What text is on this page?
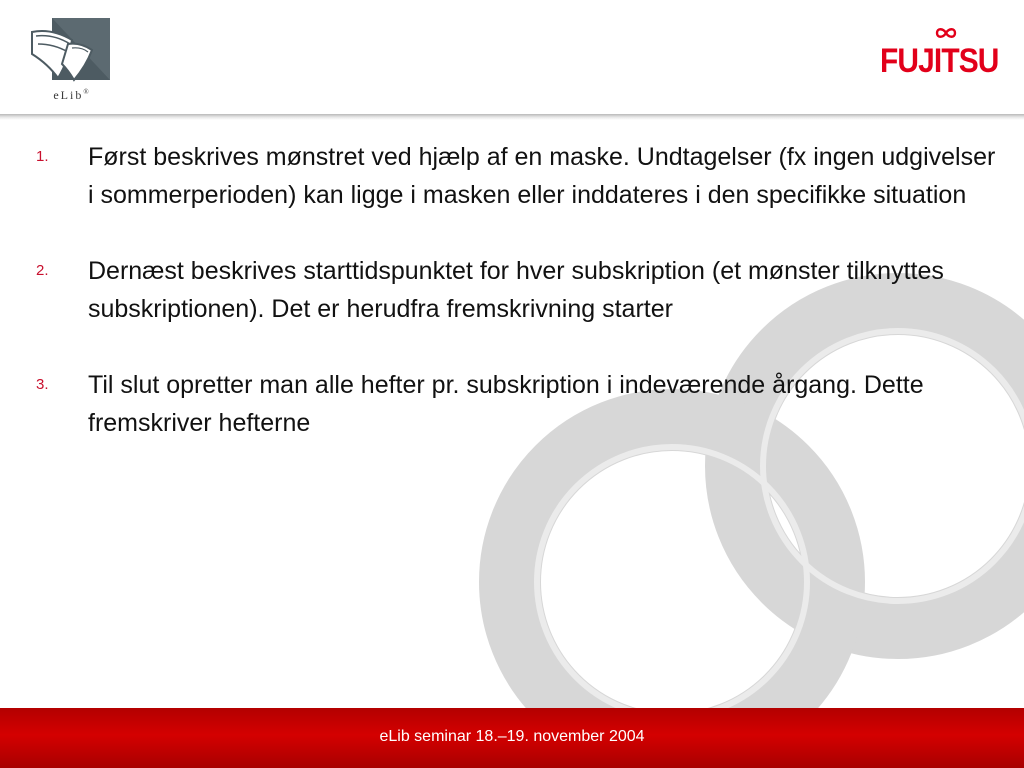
eLib®
FUJITSU
1. Først beskrives mønstret ved hjælp af en maske. Undtagelser (fx ingen udgivelser i sommerperioden) kan ligge i masken eller inddateres i den specifikke situation
2. Dernæst beskrives starttidspunktet for hver subskription (et mønster tilknyttes subskriptionen). Det er herudfra fremskrivning starter
3. Til slut opretter man alle hefter pr. subskription i indeværende årgang. Dette fremskriver hefterne
eLib seminar 18.–19. november 2004
